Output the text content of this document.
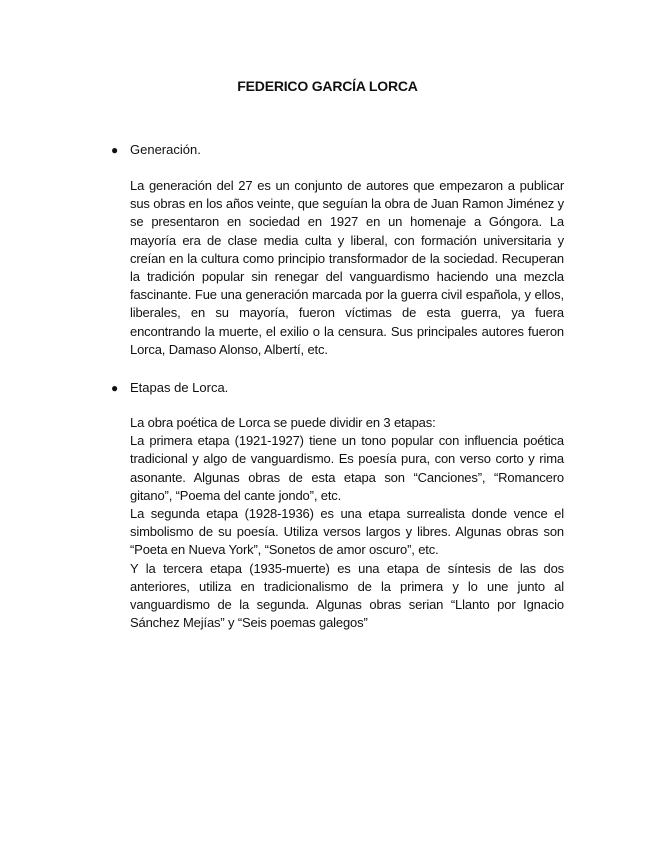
FEDERICO GARCÍA LORCA
● Generación.

La generación del 27 es un conjunto de autores que empezaron a publicar sus obras en los años veinte, que seguían la obra de Juan Ramon Jiménez y se presentaron en sociedad en 1927 en un homenaje a Góngora. La mayoría era de clase media culta y liberal, con formación universitaria y creían en la cultura como principio transformador de la sociedad. Recuperan la tradición popular sin renegar del vanguardismo haciendo una mezcla fascinante. Fue una generación marcada por la guerra civil española, y ellos, liberales, en su mayoría, fueron víctimas de esta guerra, ya fuera encontrando la muerte, el exilio o la censura. Sus principales autores fueron Lorca, Damaso Alonso, Albertí, etc.

● Etapas de Lorca.

La obra poética de Lorca se puede dividir en 3 etapas:

La primera etapa (1921-1927) tiene un tono popular con influencia poética tradicional y algo de vanguardismo. Es poesía pura, con verso corto y rima asonante. Algunas obras de esta etapa son “Canciones”, “Romancero gitano”, “Poema del cante jondo”, etc.

La segunda etapa (1928-1936) es una etapa surrealista donde vence el simbolismo de su poesía. Utiliza versos largos y libres. Algunas obras son “Poeta en Nueva York”, “Sonetos de amor oscuro”, etc.

Y la tercera etapa (1935-muerte) es una etapa de síntesis de las dos anteriores, utiliza en tradicionalismo de la primera y lo une junto al vanguardismo de la segunda. Algunas obras serian “Llanto por Ignacio Sánchez Mejías” y “Seis poemas galegos”
